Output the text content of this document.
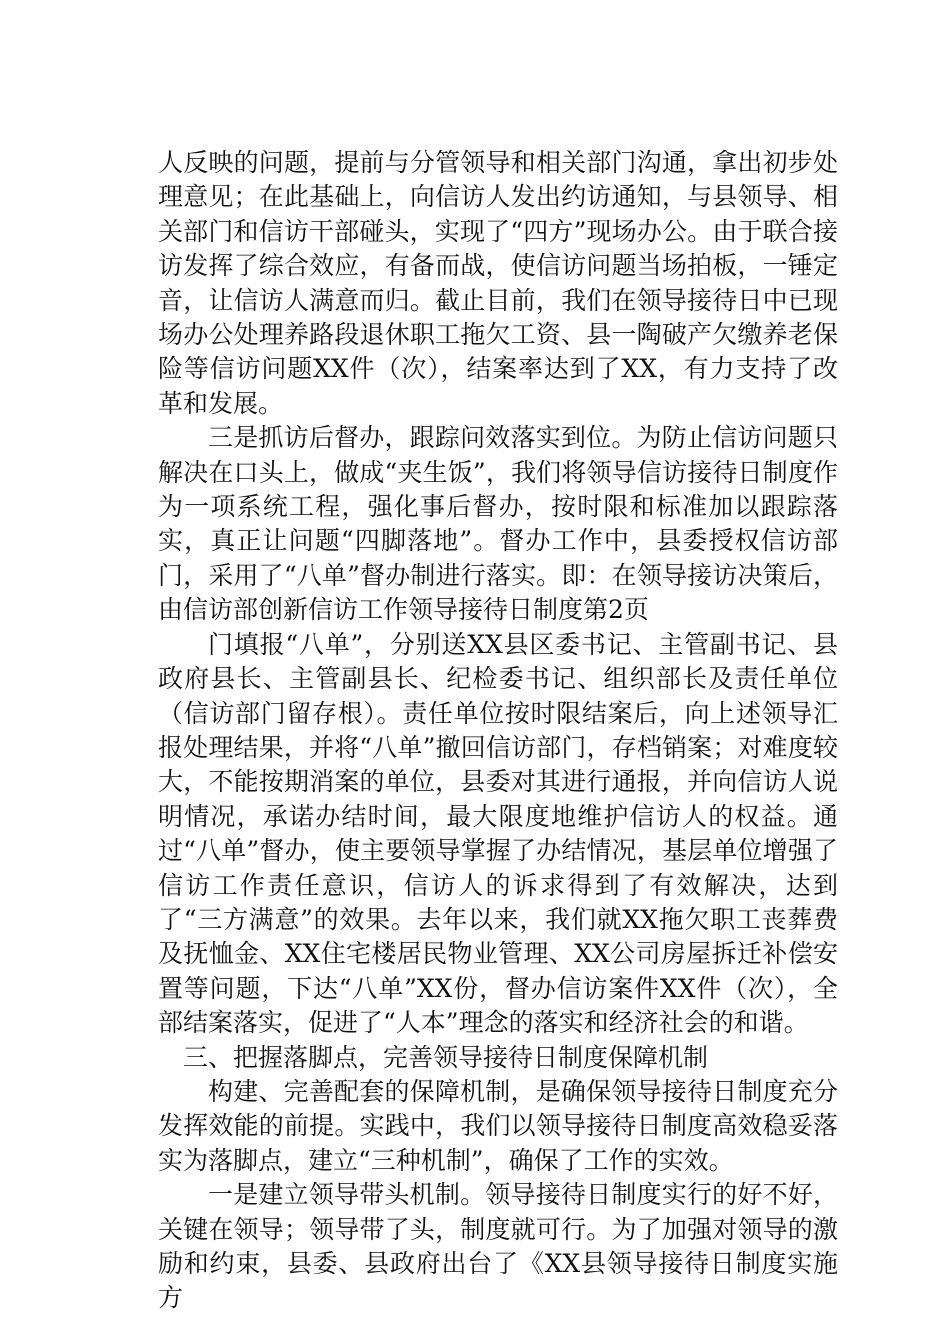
人反映的问题，提前与分管领导和相关部门沟通，拿出初步处理意见；在此基础上，向信访人发出约访通知，与县领导、相关部门和信访干部碰头，实现了“四方”现场办公。由于联合接访发挥了综合效应，有备而战，使信访问题当场拍板，一锤定音，让信访人满意而归。截止目前，我们在领导接待日中已现场办公处理养路段退休职工拖欠工资、县一陶破产欠缴养老保险等信访问题XX件（次），结案率达到了XX，有力支持了改革和发展。

三是抓访后督办，跟踪问效落实到位。为防止信访问题只解决在口头上，做成“夹生饭”，我们将领导信访接待日制度作为一项系统工程，强化事后督办，按时限和标准加以跟踪落实，真正让问题“四脚落地”。督办工作中，县委授权信访部门，采用了“八单”督办制进行落实。即：在领导接访决策后，由信访部创新信访工作领导接待日制度第2页

门填报“八单”，分别送XX县区委书记、主管副书记、县政府县长、主管副县长、纪检委书记、组织部长及责任单位（信访部门留存根）。责任单位按时限结案后，向上述领导汇报处理结果，并将“八单”撤回信访部门，存档销案；对难度较大，不能按期消案的单位，县委对其进行通报，并向信访人说明情况，承诺办结时间，最大限度地维护信访人的权益。通过“八单”督办，使主要领导掌握了办结情况，基层单位增强了信访工作责任意识，信访人的诉求得到了有效解决，达到了“三方满意”的效果。去年以来，我们就XX拖欠职工丧葬费及抚恤金、XX住宅楼居民物业管理、XX公司房屋拆迁补偿安置等问题，下达“八单”XX份，督办信访案件XX件（次），全部结案落实，促进了“人本”理念的落实和经济社会的和谐。

三、把握落脚点，完善领导接待日制度保障机制

构建、完善配套的保障机制，是确保领导接待日制度充分发挥效能的前提。实践中，我们以领导接待日制度高效稳妥落实为落脚点，建立“三种机制”，确保了工作的实效。

一是建立领导带头机制。领导接待日制度实行的好不好，关键在领导；领导带了头，制度就可行。为了加强对领导的激励和约束，县委、县政府出台了《XX县领导接待日制度实施方
